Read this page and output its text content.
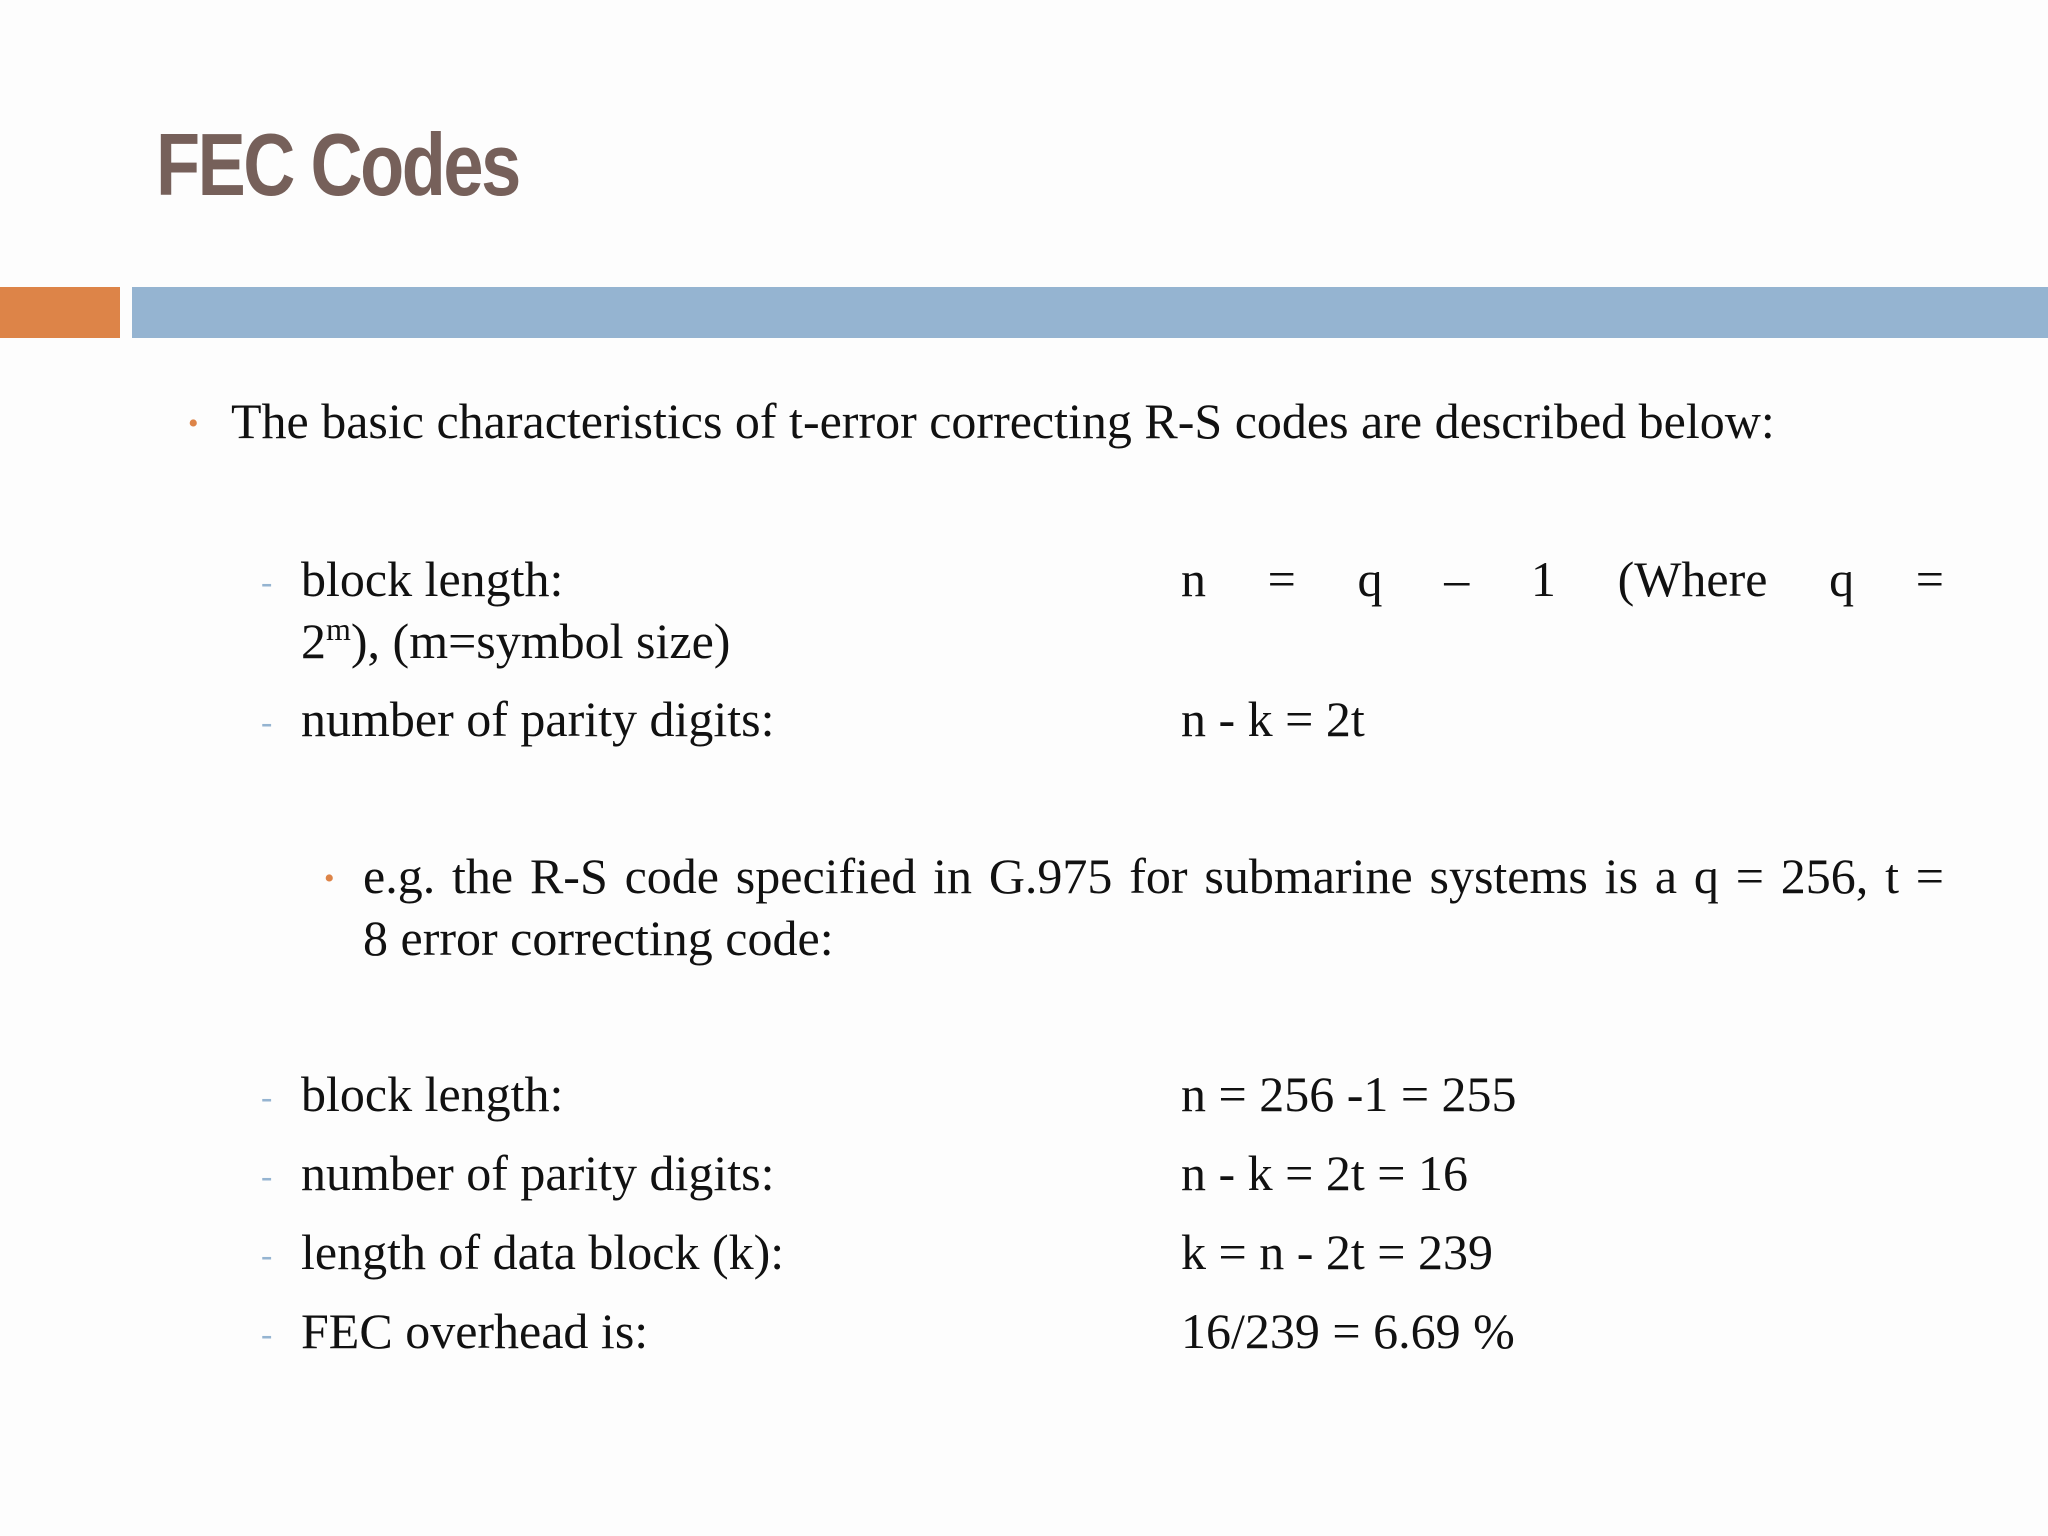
FEC Codes
• The basic characteristics of t-error correcting R-S codes are described below:
- block length:	n = q – 1 (Where q =
$2^m$), (m=symbol size)
- number of parity digits:	n - k = 2t
• e.g. the R-S code specified in G.975 for submarine systems is a q = 256, t =
8 error correcting code:
- block length:	n = 256 -1 = 255
- number of parity digits:	n - k = 2t = 16
- length of data block (k):	k = n - 2t = 239
- FEC overhead is:	16/239 = 6.69 %
